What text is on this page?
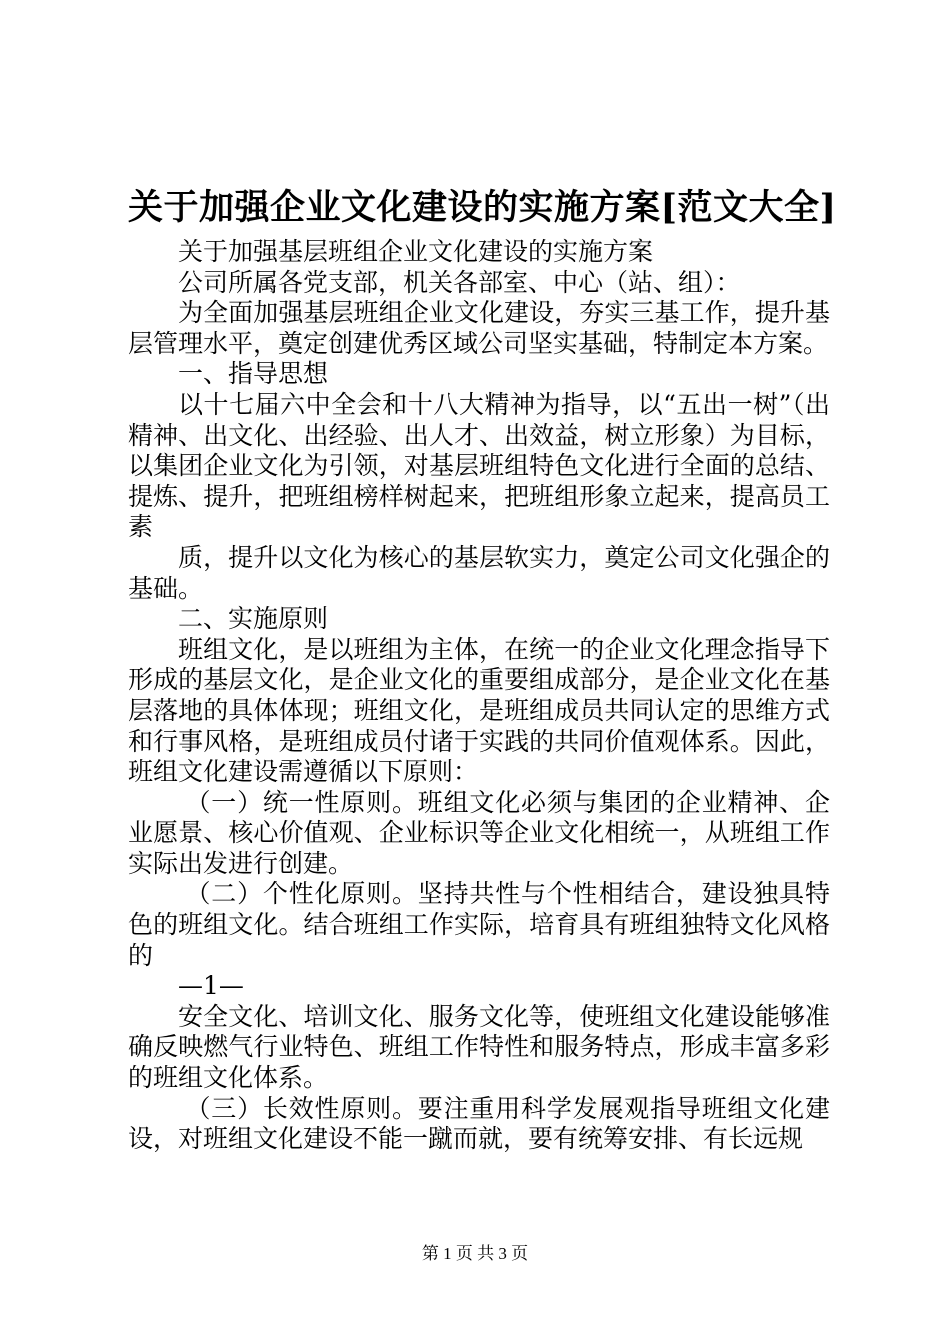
关于加强企业文化建设的实施方案[范文大全]

关于加强基层班组企业文化建设的实施方案

公司所属各党支部，机关各部室、中心（站、组）：

为全面加强基层班组企业文化建设，夯实三基工作，提升基层管理水平，奠定创建优秀区域公司坚实基础，特制定本方案。

一、指导思想

以十七届六中全会和十八大精神为指导，以“五出一树”（出精神、出文化、出经验、出人才、出效益，树立形象）为目标，以集团企业文化为引领，对基层班组特色文化进行全面的总结、提炼、提升，把班组榜样树起来，把班组形象立起来，提高员工素

质，提升以文化为核心的基层软实力，奠定公司文化强企的基础。

二、实施原则

班组文化，是以班组为主体，在统一的企业文化理念指导下形成的基层文化，是企业文化的重要组成部分，是企业文化在基层落地的具体体现；班组文化，是班组成员共同认定的思维方式和行事风格，是班组成员付诸于实践的共同价值观体系。因此，班组文化建设需遵循以下原则：

（一）统一性原则。班组文化必须与集团的企业精神、企业愿景、核心价值观、企业标识等企业文化相统一，从班组工作实际出发进行创建。

（二）个性化原则。坚持共性与个性相结合，建设独具特色的班组文化。结合班组工作实际，培育具有班组独特文化风格的

—1—

安全文化、培训文化、服务文化等，使班组文化建设能够准确反映燃气行业特色、班组工作特性和服务特点，形成丰富多彩的班组文化体系。

（三）长效性原则。要注重用科学发展观指导班组文化建设，对班组文化建设不能一蹴而就，要有统筹安排、有长远规

第 1 页 共 3 页
